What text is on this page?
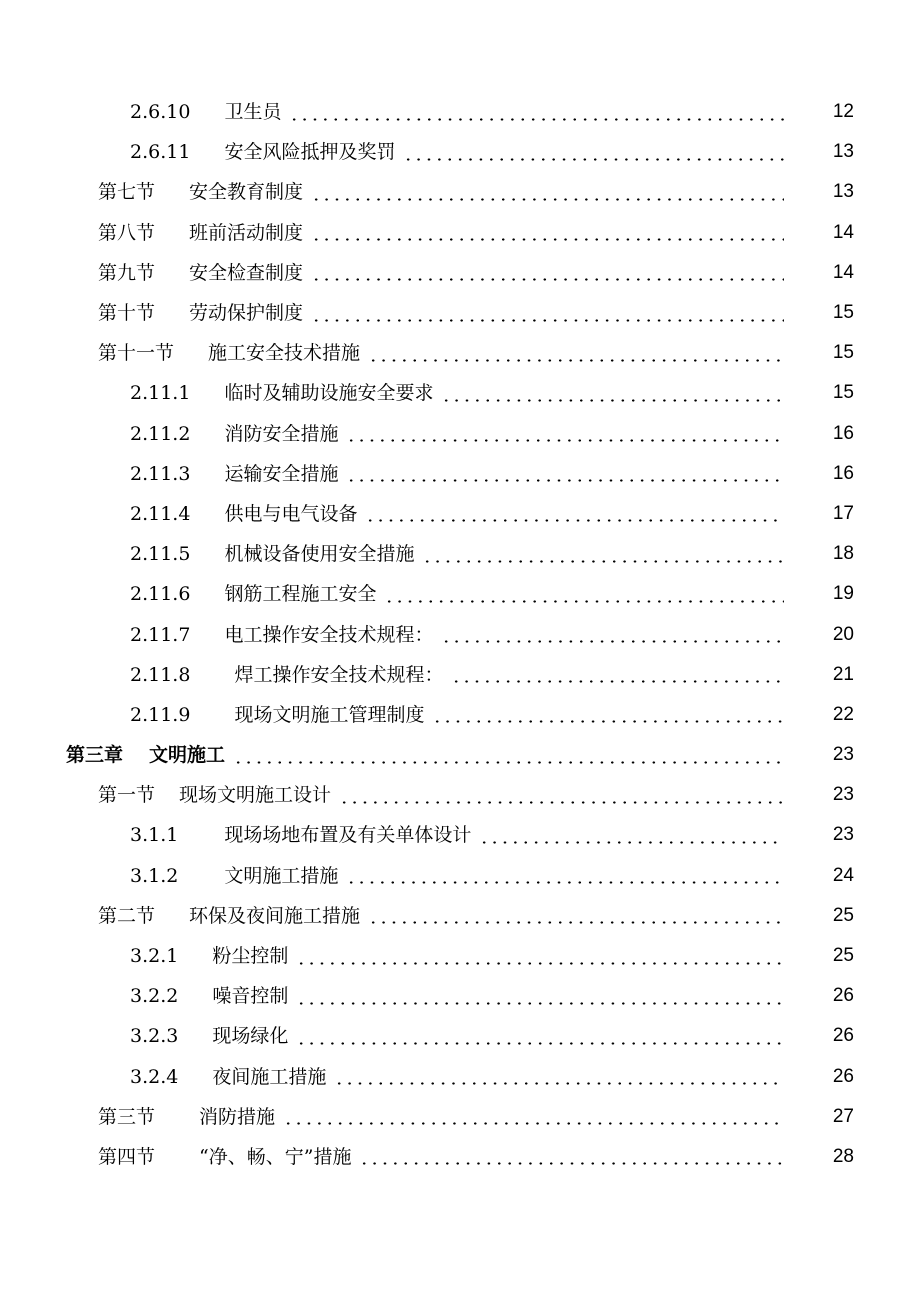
2.6.10 卫生员	12
2.6.11 安全风险抵押及奖罚	13
第七节 安全教育制度	13
第八节 班前活动制度	14
第九节 安全检查制度	14
第十节 劳动保护制度	15
第十一节 施工安全技术措施	15
2.11.1 临时及辅助设施安全要求	15
2.11.2 消防安全措施	16
2.11.3 运输安全措施	16
2.11.4 供电与电气设备	17
2.11.5 机械设备使用安全措施	18
2.11.6 钢筋工程施工安全	19
2.11.7 电工操作安全技术规程：	20
2.11.8 焊工操作安全技术规程：	21
2.11.9 现场文明施工管理制度	22
第三章 文明施工	23
第一节 现场文明施工设计	23
3.1.1 现场场地布置及有关单体设计	23
3.1.2 文明施工措施	24
第二节 环保及夜间施工措施	25
3.2.1 粉尘控制	25
3.2.2 噪音控制	26
3.2.3 现场绿化	26
3.2.4 夜间施工措施	26
第三节 消防措施	27
第四节 “净、畅、宁”措施	28
